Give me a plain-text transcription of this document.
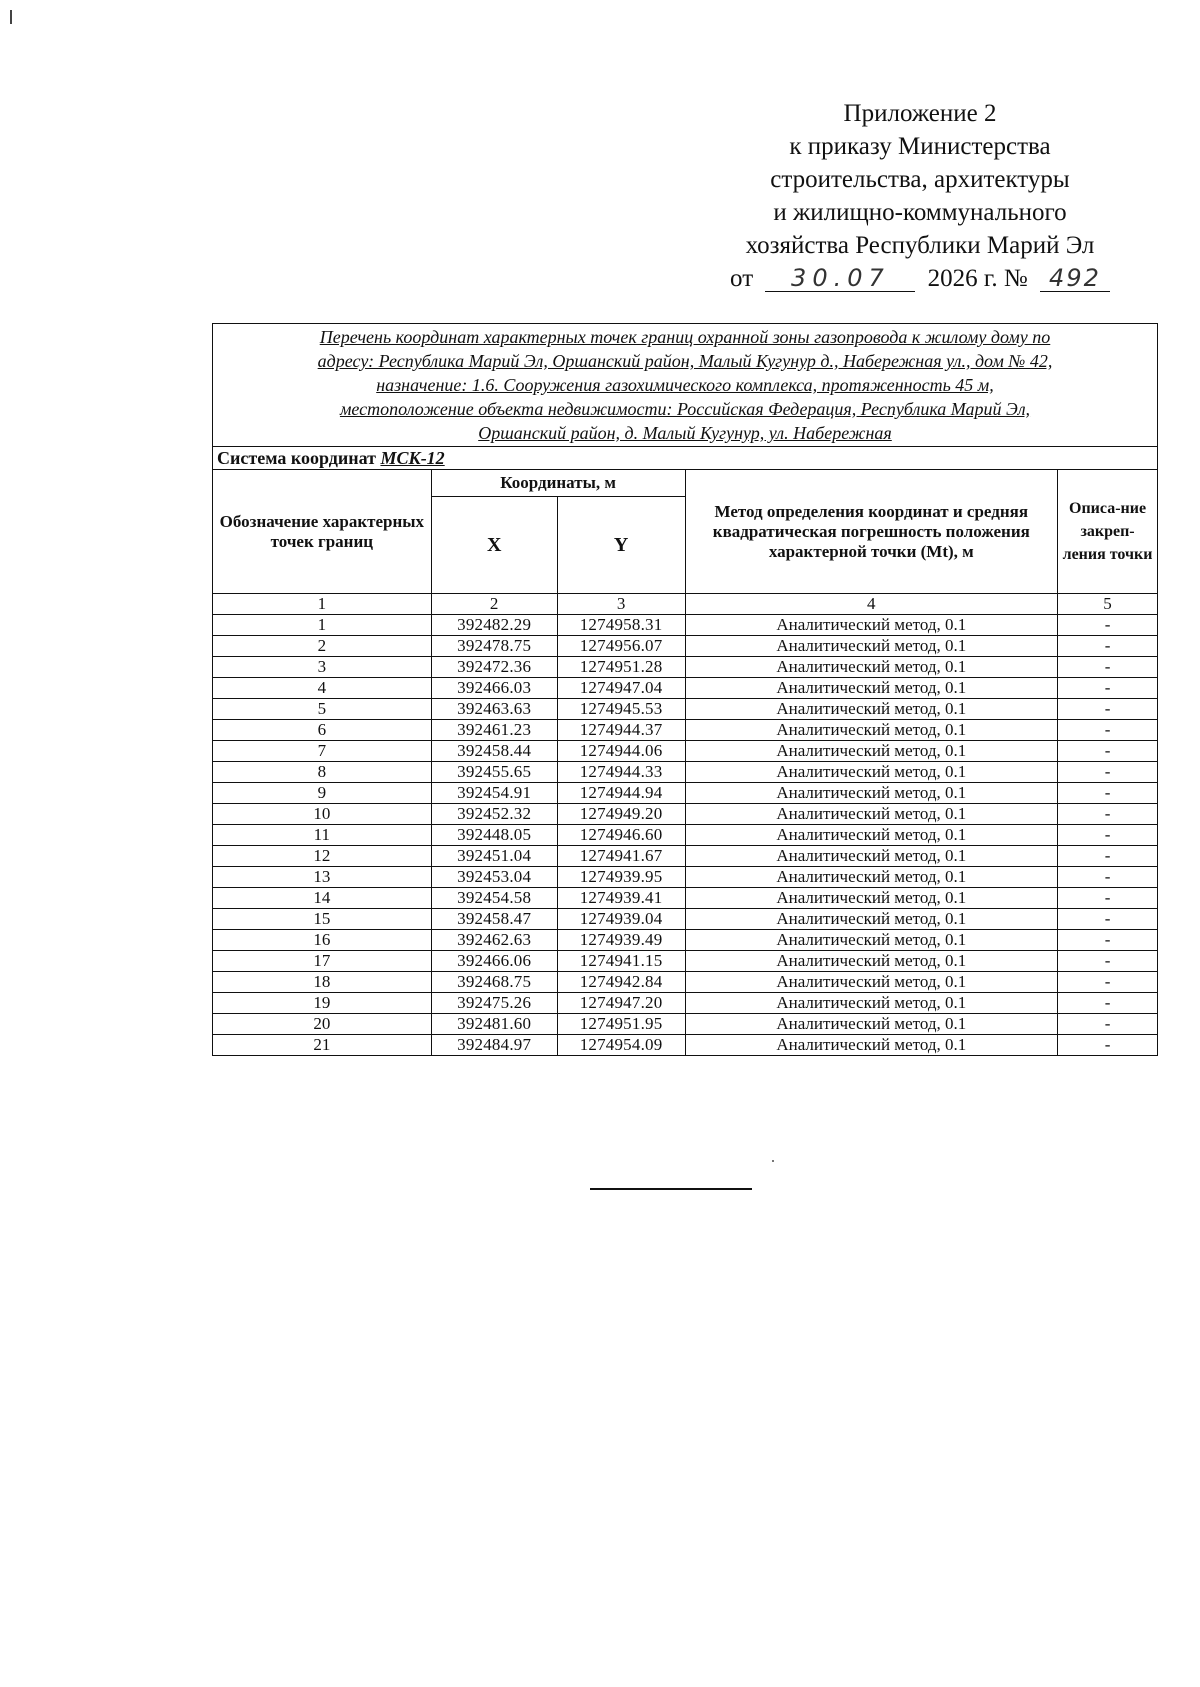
Приложение 2
к приказу Министерства
строительства, архитектуры
и жилищно-коммунального
хозяйства Республики Марий Эл
от 30.07 2026 г. № 492
Перечень координат характерных точек границ охранной зоны газопровода к жилому дому по
адресу: Республика Марий Эл, Оршанский район, Малый Кугунур д., Набережная ул., дом № 42,
назначение: 1.6. Сооружения газохимического комплекса, протяженность 45 м,
местоположение объекта недвижимости: Российская Федерация, Республика Марий Эл,
Оршанский район, д. Малый Кугунур, ул. Набережная				

Система координат МСК-12				
Обозначение характерных точек границ	Координаты, м		Метод определения координат и средняя квадратическая погрешность положения характерной точки (Mt), м	Описа-ние закреп-ления точки
	X	Y		
1	2	3	4	5
1	392482.29	1274958.31	Аналитический метод, 0.1	-
2	392478.75	1274956.07	Аналитический метод, 0.1	-
3	392472.36	1274951.28	Аналитический метод, 0.1	-
4	392466.03	1274947.04	Аналитический метод, 0.1	-
5	392463.63	1274945.53	Аналитический метод, 0.1	-
6	392461.23	1274944.37	Аналитический метод, 0.1	-
7	392458.44	1274944.06	Аналитический метод, 0.1	-
8	392455.65	1274944.33	Аналитический метод, 0.1	-
9	392454.91	1274944.94	Аналитический метод, 0.1	-
10	392452.32	1274949.20	Аналитический метод, 0.1	-
11	392448.05	1274946.60	Аналитический метод, 0.1	-
12	392451.04	1274941.67	Аналитический метод, 0.1	-
13	392453.04	1274939.95	Аналитический метод, 0.1	-
14	392454.58	1274939.41	Аналитический метод, 0.1	-
15	392458.47	1274939.04	Аналитический метод, 0.1	-
16	392462.63	1274939.49	Аналитический метод, 0.1	-
17	392466.06	1274941.15	Аналитический метод, 0.1	-
18	392468.75	1274942.84	Аналитический метод, 0.1	-
19	392475.26	1274947.20	Аналитический метод, 0.1	-
20	392481.60	1274951.95	Аналитический метод, 0.1	-
21	392484.97	1274954.09	Аналитический метод, 0.1	-
